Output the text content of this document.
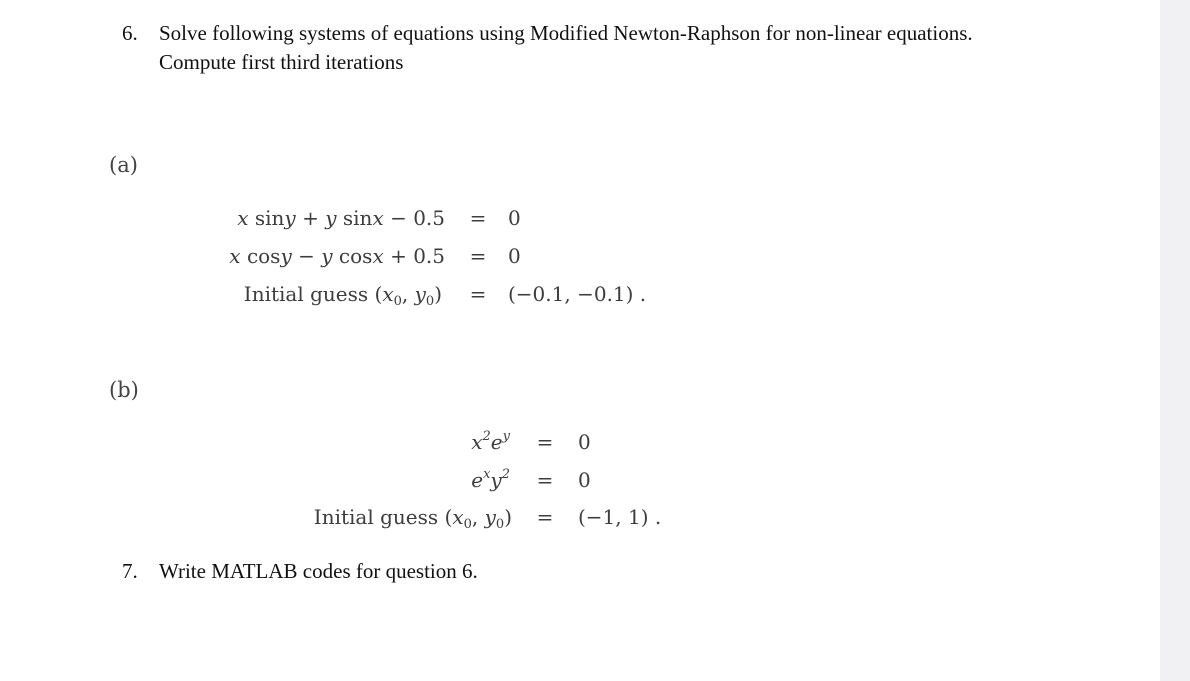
6. Solve following systems of equations using Modified Newton-Raphson for non-linear equations.
Compute first third iterations
(a)
x siny + y sinx − 0.5 = 0
x cosy − y cosx + 0.5 = 0
Initial guess ($x_0$, $y_0) = (-0.1$, −0.1) .
(b)
$x^2e^y = 0$
$e^xy^2 = 0$
Initial guess ($x_0$, $y_0) = (-1$, 1) .
7. Write MATLAB codes for question 6.
